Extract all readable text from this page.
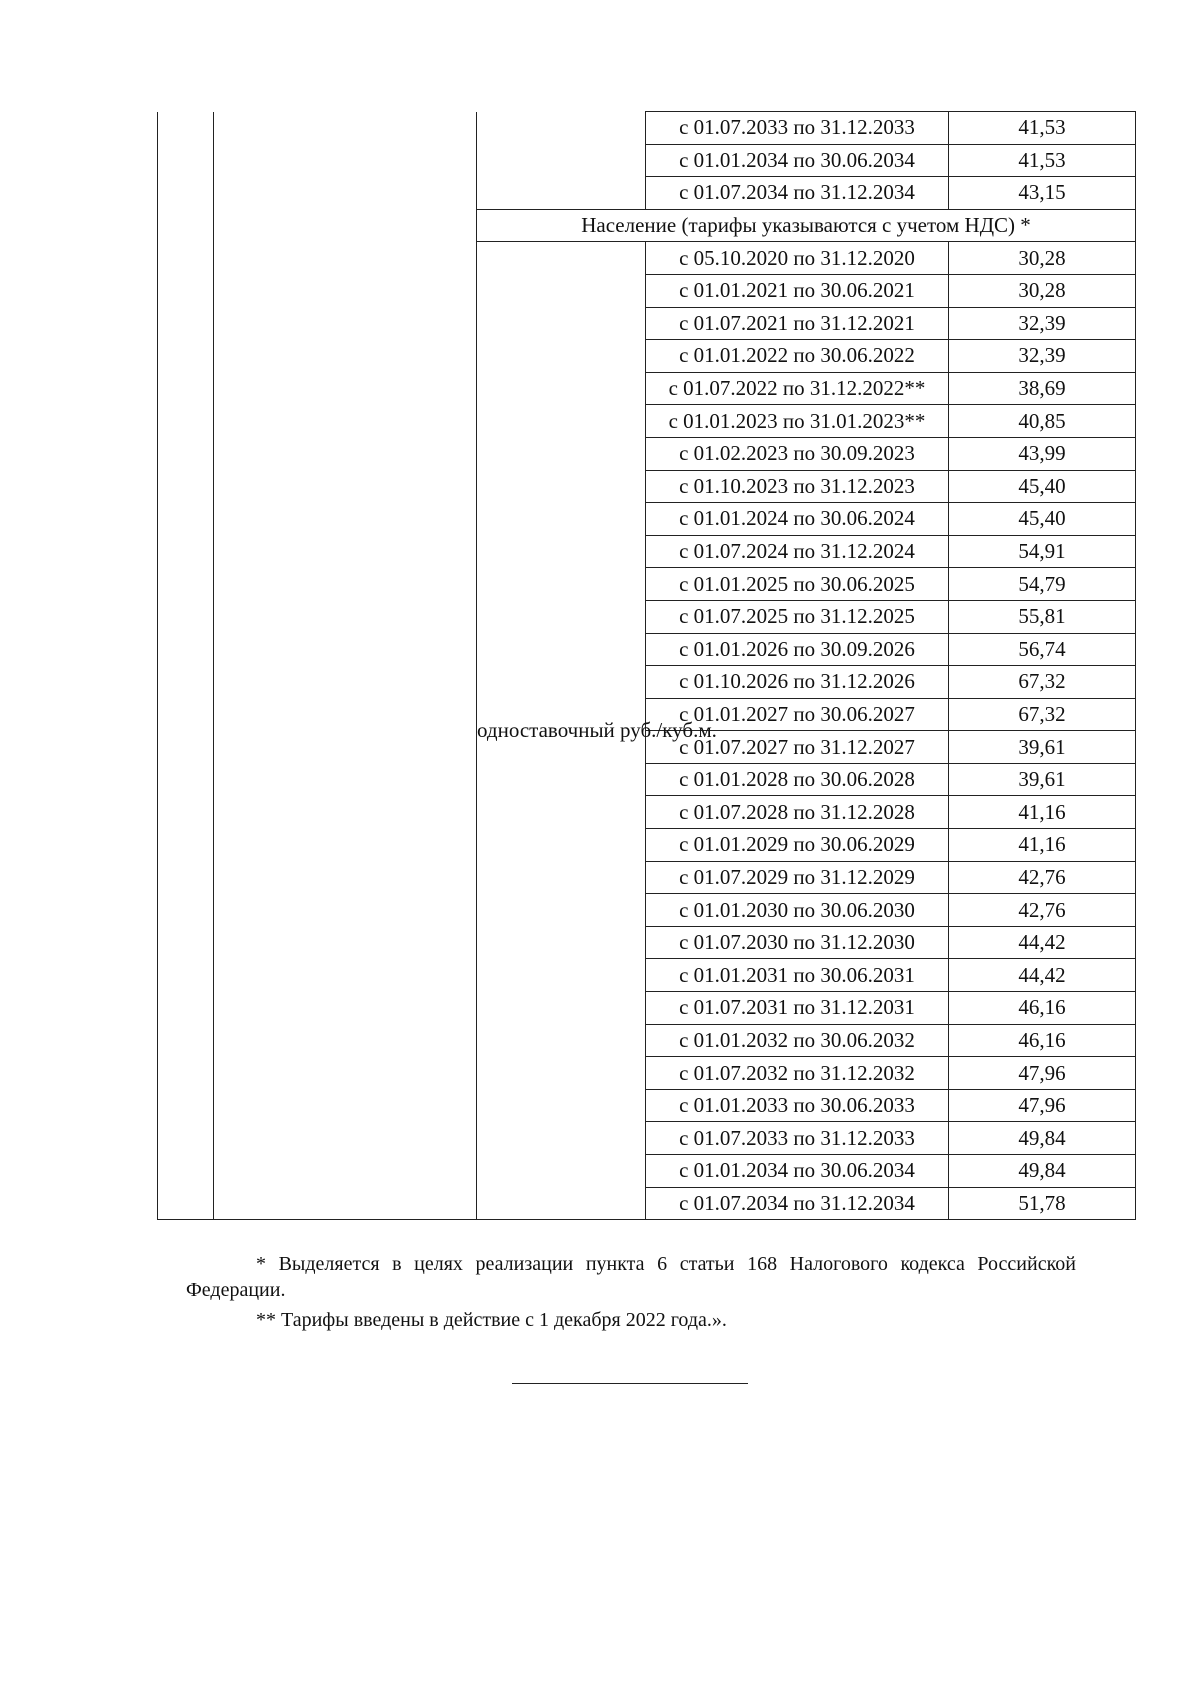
			с 01.07.2033 по 31.12.2033	41,53
			с 01.01.2034 по 30.06.2034	41,53
			с 01.07.2034 по 31.12.2034	43,15
		Население (тарифы указываются с учетом НДС) *		
		одноставочный руб./куб.м.	с 05.10.2020 по 31.12.2020	30,28
			с 01.01.2021 по 30.06.2021	30,28
			с 01.07.2021 по 31.12.2021	32,39
			с 01.01.2022 по 30.06.2022	32,39
			с 01.07.2022 по 31.12.2022**	38,69
			с 01.01.2023 по 31.01.2023**	40,85
			с 01.02.2023 по 30.09.2023	43,99
			с 01.10.2023 по 31.12.2023	45,40
			с 01.01.2024 по 30.06.2024	45,40
			с 01.07.2024 по 31.12.2024	54,91
			с 01.01.2025 по 30.06.2025	54,79
			с 01.07.2025 по 31.12.2025	55,81
			с 01.01.2026 по 30.09.2026	56,74
			с 01.10.2026 по 31.12.2026	67,32
			с 01.01.2027 по 30.06.2027	67,32
			с 01.07.2027 по 31.12.2027	39,61
			с 01.01.2028 по 30.06.2028	39,61
			с 01.07.2028 по 31.12.2028	41,16
			с 01.01.2029 по 30.06.2029	41,16
			с 01.07.2029 по 31.12.2029	42,76
			с 01.01.2030 по 30.06.2030	42,76
			с 01.07.2030 по 31.12.2030	44,42
			с 01.01.2031 по 30.06.2031	44,42
			с 01.07.2031 по 31.12.2031	46,16
			с 01.01.2032 по 30.06.2032	46,16
			с 01.07.2032 по 31.12.2032	47,96
			с 01.01.2033 по 30.06.2033	47,96
			с 01.07.2033 по 31.12.2033	49,84
			с 01.01.2034 по 30.06.2034	49,84
			с 01.07.2034 по 31.12.2034	51,78

* Выделяется в целях реализации пункта 6 статьи 168 Налогового кодекса Российской Федерации.

** Тарифы введены в действие с 1 декабря 2022 года.».
